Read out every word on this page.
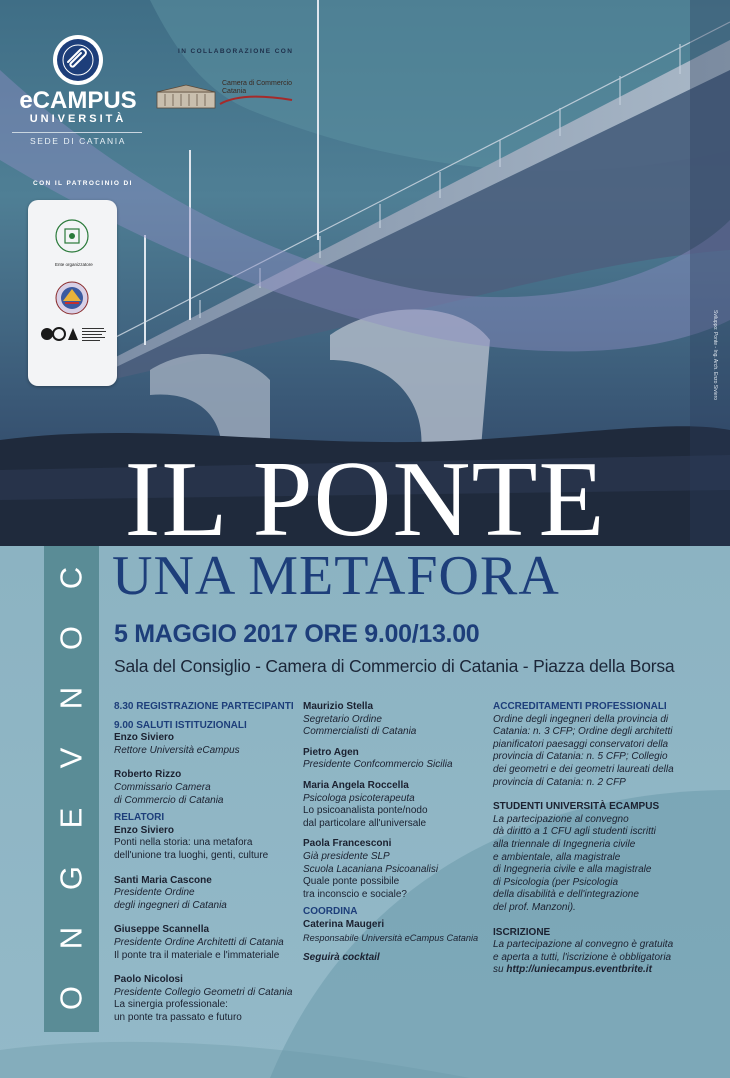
eCAMPUS
UNIVERSITÀ
SEDE DI CATANIA
IN COLLABORAZIONE CON
Camera di Commercio
Catania
CON IL PATROCINIO DI
Ente organizzatore
Sviluppo: Ponte - Ing. Arch. Enzo Siviero
C
O
N
V
E
G
N
O
IL PONTE
UNA METAFORA
5 MAGGIO 2017 ORE 9.00/13.00
Sala del Consiglio - Camera di Commercio di Catania - Piazza della Borsa

8.30 REGISTRAZIONE PARTECIPANTI

9.00 SALUTI ISTITUZIONALI

Enzo Siviero

Rettore Università eCampus

Roberto Rizzo

Commissario Camera

di Commercio di Catania

RELATORI

Enzo Siviero

Ponti nella storia: una metafora

dell'unione tra luoghi, genti, culture

Santi Maria Cascone

Presidente Ordine

degli ingegneri di Catania

Giuseppe Scannella

Presidente Ordine Architetti di Catania

Il ponte tra il materiale e l'immateriale

Paolo Nicolosi

Presidente Collegio Geometri di Catania

La sinergia professionale:

un ponte tra passato e futuro

Maurizio Stella

Segretario Ordine

Commercialisti di Catania

Pietro Agen

Presidente Confcommercio Sicilia

Maria Angela Roccella

Psicologa psicoterapeuta

Lo psicoanalista ponte/nodo

dal particolare all'universale

Paola Francesconi

Già presidente SLP

Scuola Lacaniana Psicoanalisi

Quale ponte possibile

tra inconscio e sociale?

COORDINA

Caterina Maugeri

Responsabile Università eCampus Catania

Seguirà cocktail

ACCREDITAMENTI PROFESSIONALI

Ordine degli ingegneri della provincia di

Catania: n. 3 CFP; Ordine degli architetti

pianificatori paesaggi conservatori della

provincia di Catania: n. 5 CFP; Collegio

dei geometri e dei geometri laureati della

provincia di Catania: n. 2 CFP

STUDENTI UNIVERSITÀ ECAMPUS

La partecipazione al convegno

dà diritto a 1 CFU agli studenti iscritti

alla triennale di Ingegneria civile

e ambientale, alla magistrale

di Ingegneria civile e alla magistrale

di Psicologia (per Psicologia

della disabilità e dell'integrazione

del prof. Manzoni).

ISCRIZIONE

La partecipazione al convegno è gratuita

e aperta a tutti, l'iscrizione è obbligatoria

su http://uniecampus.eventbrite.it
